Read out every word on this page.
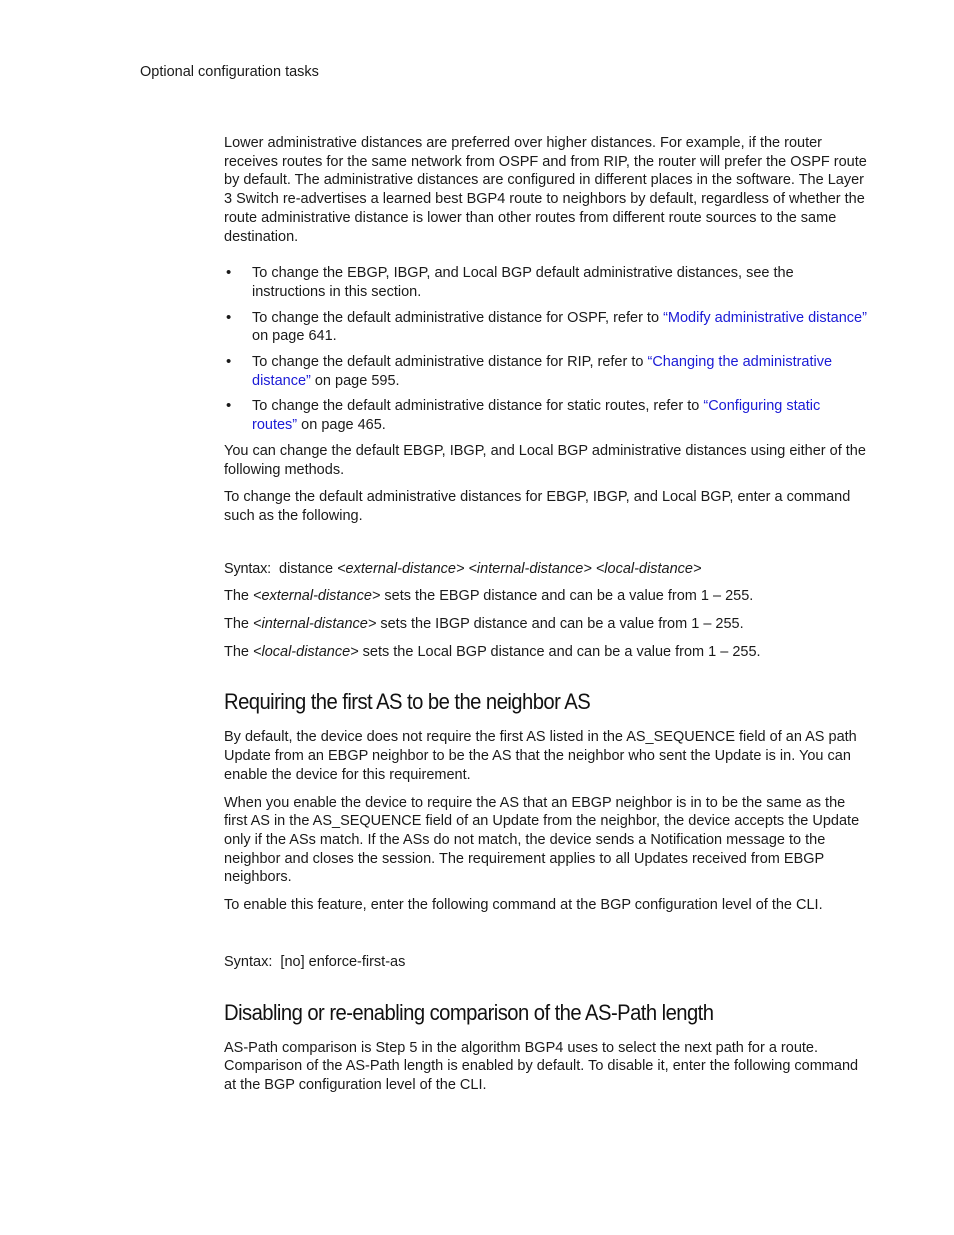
Optional configuration tasks

Lower administrative distances are preferred over higher distances. For example, if the router receives routes for the same network from OSPF and from RIP, the router will prefer the OSPF route by default. The administrative distances are configured in different places in the software. The Layer 3 Switch re-advertises a learned best BGP4 route to neighbors by default, regardless of whether the route administrative distance is lower than other routes from different route sources to the same destination.

• To change the EBGP, IBGP, and Local BGP default administrative distances, see the instructions in this section.
• To change the default administrative distance for OSPF, refer to “Modify administrative distance” on page 641.
• To change the default administrative distance for RIP, refer to “Changing the administrative distance” on page 595.
• To change the default administrative distance for static routes, refer to “Configuring static routes” on page 465.

You can change the default EBGP, IBGP, and Local BGP administrative distances using either of the following methods.

To change the default administrative distances for EBGP, IBGP, and Local BGP, enter a command such as the following.

Syntax: distance <external-distance> <internal-distance> <local-distance>

The <external-distance> sets the EBGP distance and can be a value from 1 – 255.

The <internal-distance> sets the IBGP distance and can be a value from 1 – 255.

The <local-distance> sets the Local BGP distance and can be a value from 1 – 255.

Requiring the first AS to be the neighbor AS

By default, the device does not require the first AS listed in the AS_SEQUENCE field of an AS path Update from an EBGP neighbor to be the AS that the neighbor who sent the Update is in. You can enable the device for this requirement.

When you enable the device to require the AS that an EBGP neighbor is in to be the same as the first AS in the AS_SEQUENCE field of an Update from the neighbor, the device accepts the Update only if the ASs match. If the ASs do not match, the device sends a Notification message to the neighbor and closes the session. The requirement applies to all Updates received from EBGP neighbors.

To enable this feature, enter the following command at the BGP configuration level of the CLI.

Syntax: [no] enforce-first-as

Disabling or re-enabling comparison of the AS-Path length

AS-Path comparison is Step 5 in the algorithm BGP4 uses to select the next path for a route. Comparison of the AS-Path length is enabled by default. To disable it, enter the following command at the BGP configuration level of the CLI.
